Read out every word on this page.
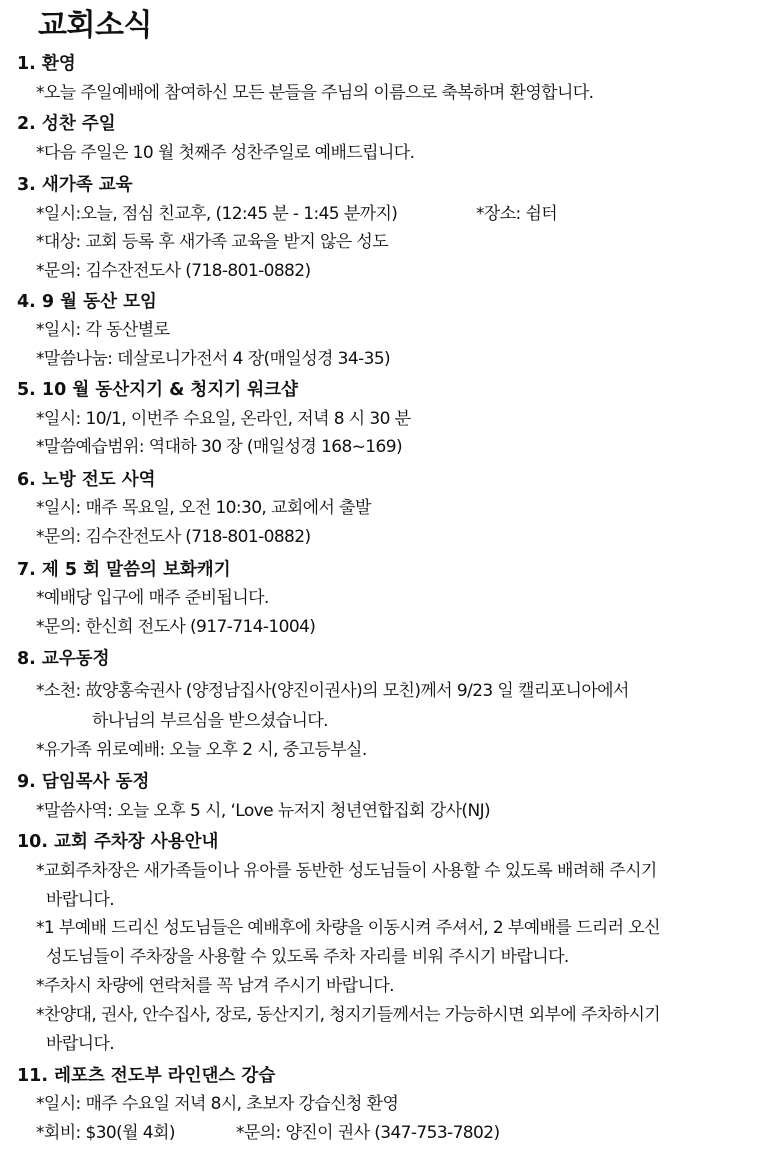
교회소식
1. 환영
*오늘 주일예배에 참여하신 모든 분들을 주님의 이름으로 축복하며 환영합니다.
2. 성찬 주일
*다음 주일은 10 월 첫째주 성찬주일로 예배드립니다.
3. 새가족 교육
*일시:오늘, 점심 친교후, (12:45 분 - 1:45 분까지)	*장소: 쉼터
*대상: 교회 등록 후 새가족 교육을 받지 않은 성도
*문의: 김수잔전도사 (718-801-0882)
4. 9 월 동산 모임
*일시: 각 동산별로
*말씀나눔: 데살로니가전서 4 장(매일성경 34-35)
5. 10 월 동산지기 & 청지기 워크샵
*일시: 10/1, 이번주 수요일, 온라인, 저녁 8 시 30 분
*말씀예습범위: 역대하 30 장 (매일성경 168~169)
6. 노방 전도 사역
*일시: 매주 목요일, 오전 10:30, 교회에서 출발
*문의: 김수잔전도사 (718-801-0882)
7. 제 5 회 말씀의 보화캐기
*예배당 입구에 매주 준비됩니다.
*문의: 한신희 전도사 (917-714-1004)
8. 교우동정
*소천: 故양홍숙권사 (양정남집사(양진이권사)의 모친)께서 9/23 일 캘리포니아에서
하나님의 부르심을 받으셨습니다.
*유가족 위로예배: 오늘 오후 2 시, 중고등부실.
9. 담임목사 동정
*말씀사역: 오늘 오후 5 시, ‘Love 뉴저지 청년연합집회 강사(NJ)
10. 교회 주차장 사용안내
*교회주차장은 새가족들이나 유아를 동반한 성도님들이 사용할 수 있도록 배려해 주시기
바랍니다.
*1 부예배 드리신 성도님들은 예배후에 차량을 이동시켜 주셔서, 2 부예배를 드리러 오신
성도님들이 주차장을 사용할 수 있도록 주차 자리를 비워 주시기 바랍니다.
*주차시 차량에 연락처를 꼭 남겨 주시기 바랍니다.
*찬양대, 권사, 안수집사, 장로, 동산지기, 청지기들께서는 가능하시면 외부에 주차하시기
바랍니다.
11. 레포츠 전도부 라인댄스 강습
*일시: 매주 수요일 저녁 8시, 초보자 강습신청 환영
*회비: $30(월 4회)	*문의: 양진이 권사 (347-753-7802)
